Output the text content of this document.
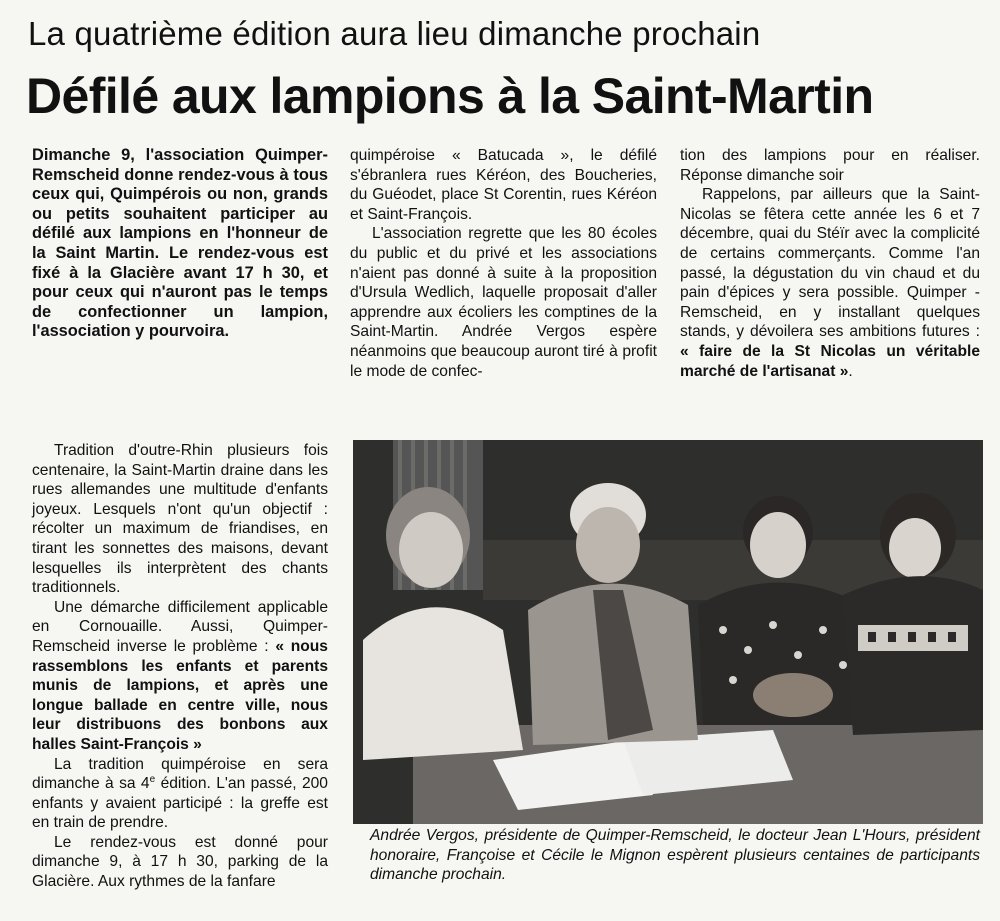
La quatrième édition aura lieu dimanche prochain
Défilé aux lampions à la Saint-Martin

Dimanche 9, l'association Quimper-Remscheid donne rendez-vous à tous ceux qui, Quimpérois ou non, grands ou petits souhaitent participer au défilé aux lampions en l'honneur de la Saint Martin. Le rendez-vous est fixé à la Glacière avant 17 h 30, et pour ceux qui n'auront pas le temps de confectionner un lampion, l'association y pourvoira.

Tradition d'outre-Rhin plusieurs fois centenaire, la Saint-Martin draine dans les rues allemandes une multitude d'enfants joyeux. Lesquels n'ont qu'un objectif : récolter un maximum de friandises, en tirant les sonnettes des maisons, devant lesquelles ils interprètent des chants traditionnels.

Une démarche difficilement applicable en Cornouaille. Aussi, Quimper-Remscheid inverse le problème : « nous rassemblons les enfants et parents munis de lampions, et après une longue ballade en centre ville, nous leur distribuons des bonbons aux halles Saint-François »

La tradition quimpéroise en sera dimanche à sa 4e édition. L'an passé, 200 enfants y avaient participé : la greffe est en train de prendre.

Le rendez-vous est donné pour dimanche 9, à 17 h 30, parking de la Glacière. Aux rythmes de la fanfare

quimpéroise « Batucada », le défilé s'ébranlera rues Kéréon, des Boucheries, du Guéodet, place St Corentin, rues Kéréon et Saint-François.

L'association regrette que les 80 écoles du public et du privé et les associations n'aient pas donné à suite à la proposition d'Ursula Wedlich, laquelle proposait d'aller apprendre aux écoliers les comptines de la Saint-Martin. Andrée Vergos espère néanmoins que beaucoup auront tiré à profit le mode de confec-

tion des lampions pour en réaliser. Réponse dimanche soir

Rappelons, par ailleurs que la Saint-Nicolas se fêtera cette année les 6 et 7 décembre, quai du Stéïr avec la complicité de certains commerçants. Comme l'an passé, la dégustation du vin chaud et du pain d'épices y sera possible. Quimper -Remscheid, en y installant quelques stands, y dévoilera ses ambitions futures : « faire de la St Nicolas un véritable marché de l'artisanat ».

Andrée Vergos, présidente de Quimper-Remscheid, le docteur Jean L'Hours, président honoraire, Françoise et Cécile le Mignon espèrent plusieurs centaines de participants dimanche prochain.
